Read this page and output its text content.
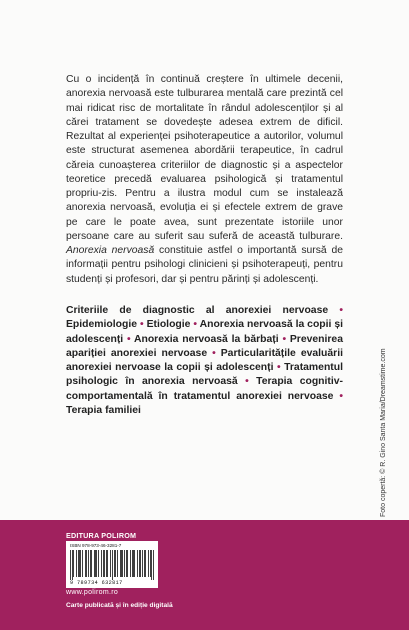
Cu o incidență în continuă creștere în ultimele decenii, anorexia nervoasă este tulburarea mentală care prezintă cel mai ridicat risc de mortalitate în rândul adolescenților și al cărei tratament se dovedește adesea extrem de dificil. Rezultat al experienței psihoterapeutice a autorilor, volumul este structurat asemenea abordării terapeutice, în cadrul căreia cunoașterea criteriilor de diagnostic și a aspectelor teoretice precedă evaluarea psihologică și tratamentul propriu-zis. Pentru a ilustra modul cum se instalează anorexia nervoasă, evoluția ei și efectele extrem de grave pe care le poate avea, sunt prezentate istoriile unor persoane care au suferit sau suferă de această tulburare. Anorexia nervoasă constituie astfel o importantă sursă de informații pentru psihologi clinicieni și psihoterapeuți, pentru studenți și profesori, dar și pentru părinți și adolescenți.

Criteriile de diagnostic al anorexiei nervoase • Epidemiologie • Etiologie • Anorexia nervoasă la copii și adolescenți • Anorexia nervoasă la bărbați • Prevenirea apariției anorexiei nervoase • Particularitățile evaluării anorexiei nervoase la copii și adolescenți • Tratamentul psihologic în anorexia nervoasă • Terapia cognitiv-comportamentală în tratamentul anorexiei nervoase • Terapia familiei	Foto copertă: © R. Gino Santa Maria/Dreamstime.com
EDITURA POLIROM
ISBN 978-973-46-3281-7
9 789734 632817
www.polirom.ro
Carte publicată și în ediție digitală
